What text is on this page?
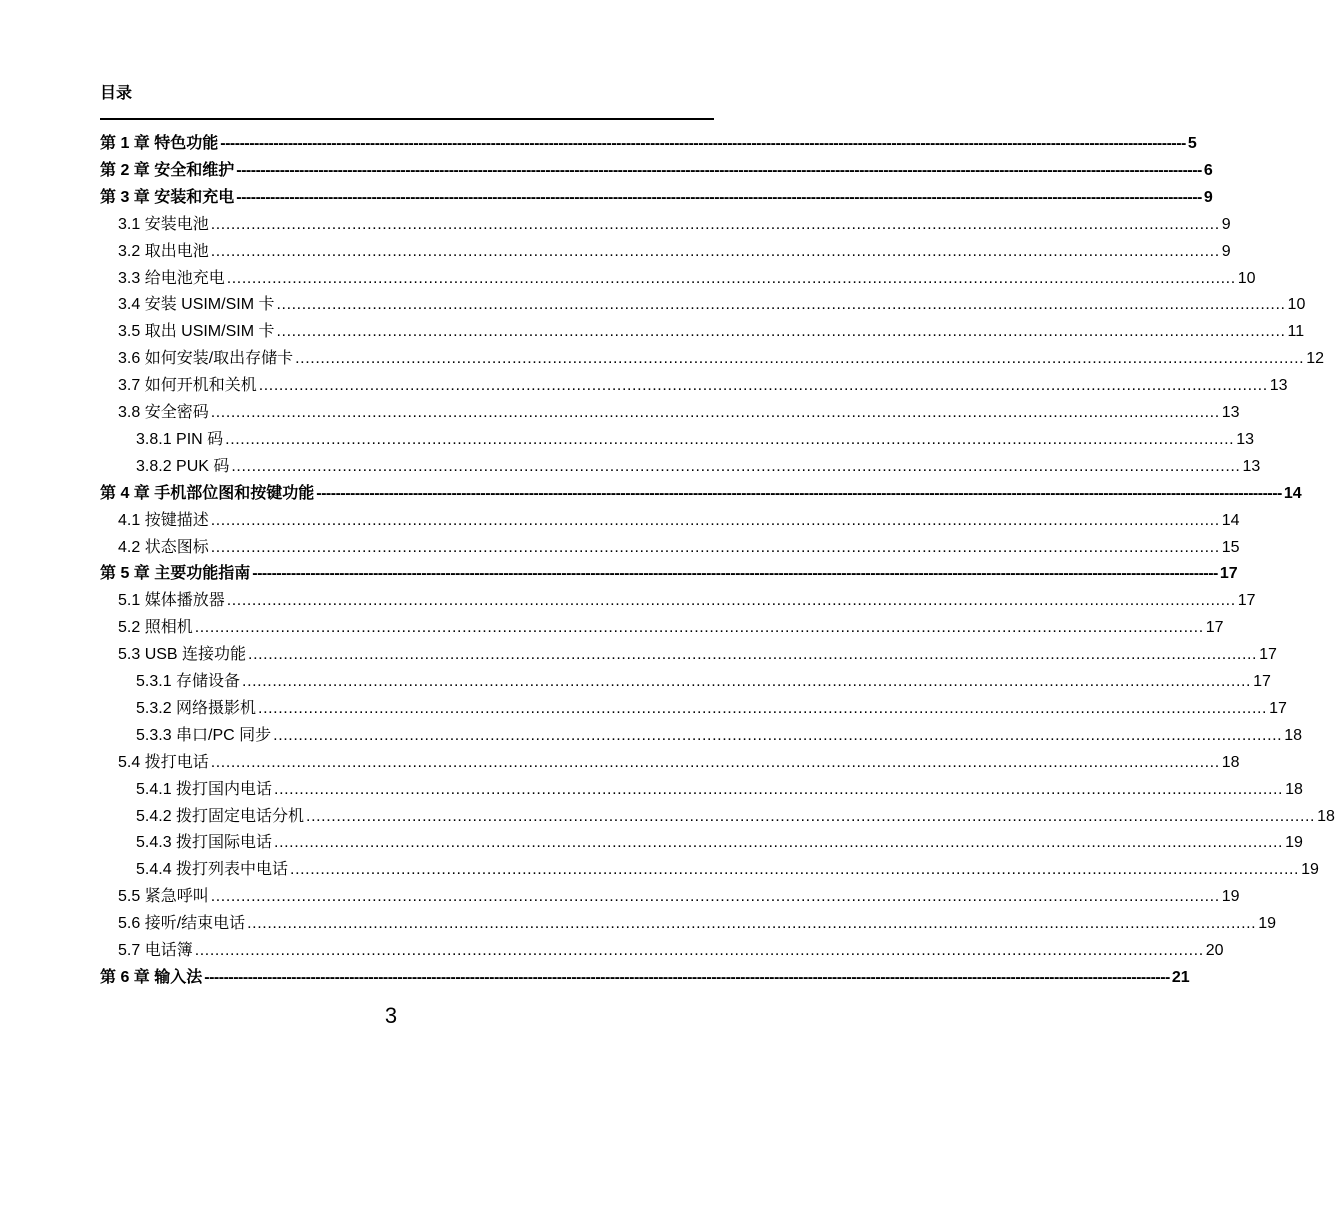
目录
第 1 章 特色功能 -------------------------------------------------------------------------------------------------------------------------------------------------------------------------------------------------------- 5
第 2 章 安全和维护 -------------------------------------------------------------------------------------------------------------------------------------------------------------------------------------------------------- 6
第 3 章 安装和充电 -------------------------------------------------------------------------------------------------------------------------------------------------------------------------------------------------------- 9
3.1 安装电池 ........................................................................................................................................................................................................ 9
3.2 取出电池 ........................................................................................................................................................................................................ 9
3.3 给电池充电 ........................................................................................................................................................................................................ 10
3.4 安装 USIM/SIM 卡 ........................................................................................................................................................................................................ 10
3.5 取出 USIM/SIM 卡 ........................................................................................................................................................................................................ 11
3.6 如何安装/取出存储卡 ........................................................................................................................................................................................................ 12
3.7 如何开机和关机 ........................................................................................................................................................................................................ 13
3.8 安全密码 ........................................................................................................................................................................................................ 13
3.8.1 PIN 码 ........................................................................................................................................................................................................ 13
3.8.2 PUK 码 ........................................................................................................................................................................................................ 13
第 4 章 手机部位图和按键功能 -------------------------------------------------------------------------------------------------------------------------------------------------------------------------------------------------------- 14
4.1 按键描述 ........................................................................................................................................................................................................ 14
4.2 状态图标 ........................................................................................................................................................................................................ 15
第 5 章 主要功能指南 -------------------------------------------------------------------------------------------------------------------------------------------------------------------------------------------------------- 17
5.1 媒体播放器 ........................................................................................................................................................................................................ 17
5.2 照相机 ........................................................................................................................................................................................................ 17
5.3 USB 连接功能 ........................................................................................................................................................................................................ 17
5.3.1 存储设备 ........................................................................................................................................................................................................ 17
5.3.2 网络摄影机 ........................................................................................................................................................................................................ 17
5.3.3 串口/PC 同步 ........................................................................................................................................................................................................ 18
5.4 拨打电话 ........................................................................................................................................................................................................ 18
5.4.1 拨打国内电话 ........................................................................................................................................................................................................ 18
5.4.2 拨打固定电话分机 ........................................................................................................................................................................................................ 18
5.4.3 拨打国际电话 ........................................................................................................................................................................................................ 19
5.4.4 拨打列表中电话 ........................................................................................................................................................................................................ 19
5.5 紧急呼叫 ........................................................................................................................................................................................................ 19
5.6 接听/结束电话 ........................................................................................................................................................................................................ 19
5.7 电话簿 ........................................................................................................................................................................................................ 20
第 6 章 输入法 -------------------------------------------------------------------------------------------------------------------------------------------------------------------------------------------------------- 21
3
